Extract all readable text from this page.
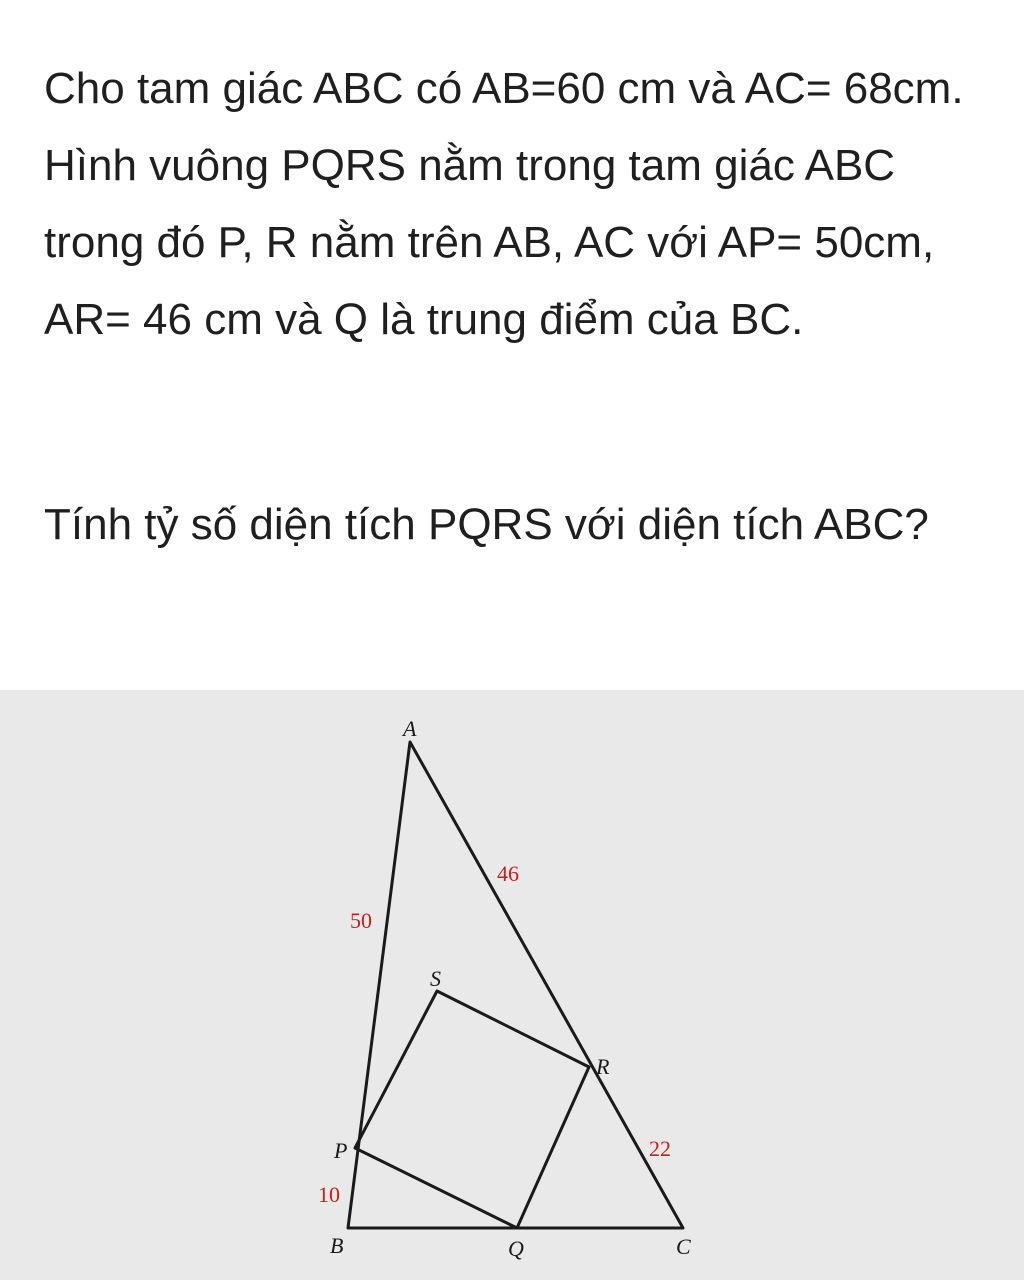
Cho tam giác ABC có AB=60 cm và AC= 68cm. Hình vuông PQRS nằm trong tam giác ABC trong đó P, R nằm trên AB, AC với AP= 50cm, AR= 46 cm và Q là trung điểm của BC.

Tính tỷ số diện tích PQRS với diện tích ABC?

A
B	C
P
Q
R
S
50
46
10
22
